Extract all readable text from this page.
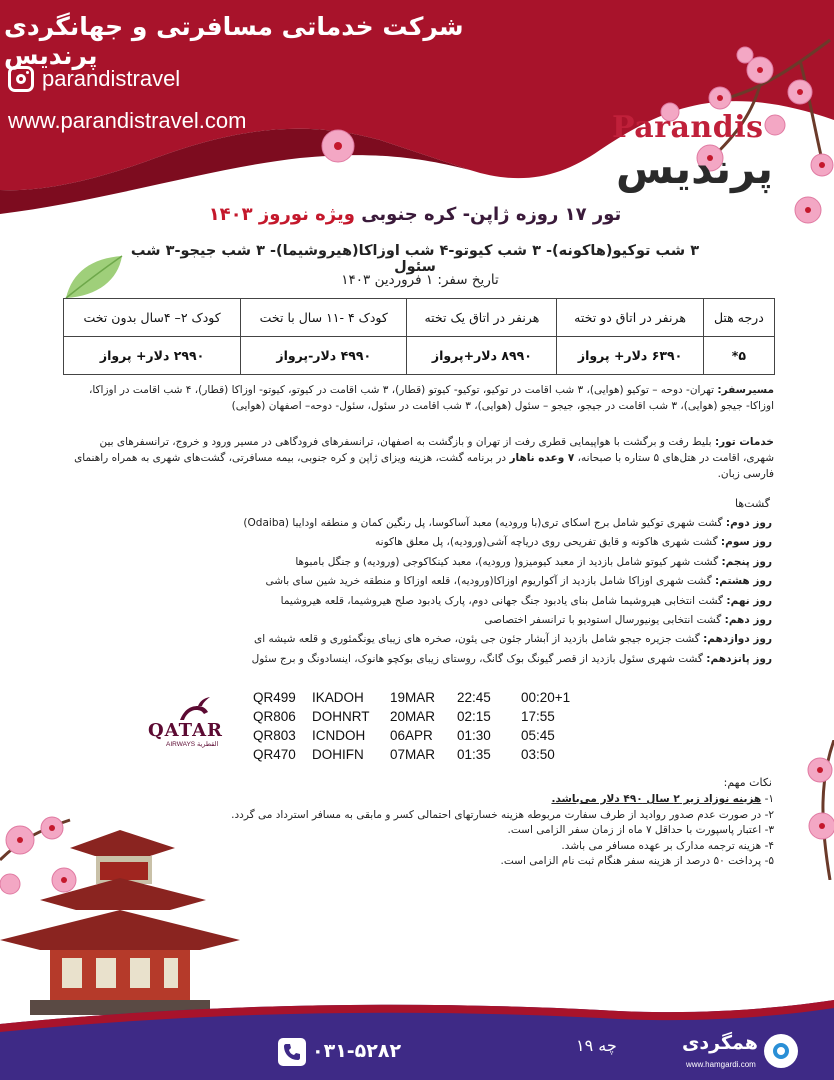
شرکت خدماتی مسافرتی و جهانگردی پرندیس
parandistravel
www.parandistravel.com	Parandis
پرندیس
تور ۱۷ روزه ژاپن- کره جنوبی ویژه نوروز ۱۴۰۳
۳ شب توکیو(هاکونه)- ۳ شب کیوتو-۴ شب اوزاکا(هیروشیما)- ۳ شب جیجو-۳ شب سئول
تاریخ سفر: ۱ فروردین ۱۴۰۳
درجه هتل	هرنفر در اتاق دو تخته	هرنفر در اتاق یک تخته	کودک ۴ -۱۱ سال با تخت	کودک ۲– ۴سال بدون تخت
۵*	۶۳۹۰ دلار+ پرواز	۸۹۹۰ دلار+پرواز	۴۹۹۰ دلار-پرواز	۲۹۹۰ دلار+ پرواز

مسیرسفر: تهران- دوحه – توکیو (هوایی)، ۳ شب اقامت در توکیو، توکیو- کیوتو (قطار)، ۳ شب اقامت در کیوتو، کیوتو- اوزاکا (قطار)، ۴ شب اقامت در اوزاکا، اوزاکا- جیجو (هوایی)، ۳ شب اقامت در جیجو، جیجو – سئول (هوایی)، ۳ شب اقامت در سئول، سئول- دوحه– اصفهان (هوایی)

خدمات تور: بلیط رفت و برگشت با هواپیمایی قطری رفت از تهران و بازگشت به اصفهان، ترانسفرهای فرودگاهی در مسیر ورود و خروج، ترانسفرهای بین شهری، اقامت در هتل‌های ۵ ستاره با صبحانه، ۷ وعده ناهار در برنامه گشت، هزینه ویزای ژاپن و کره جنوبی، بیمه مسافرتی، گشت‌های شهری به همراه راهنمای فارسی زبان.

گشت‌ها
روز دوم: گشت شهری توکیو شامل برج اسکای تری(با ورودیه) معبد آساکوسا، پل رنگین کمان و منطقه اودایبا (Odaiba)
روز سوم: گشت شهری هاکونه و قایق تفریحی روی دریاچه آشی(ورودیه)، پل معلق هاکونه
روز پنجم: گشت شهر کیوتو شامل بازدید از معبد کیومیزو( ورودیه)، معبد کینکاکوجی (ورودیه) و جنگل بامبوها
روز هشتم: گشت شهری اوزاکا شامل بازدید از آکواریوم اوزاکا(ورودیه)، قلعه اوزاکا و منطقه خرید شین سای باشی
روز نهم: گشت انتخابی هیروشیما شامل بنای یادبود جنگ جهانی دوم، پارک یادبود صلح هیروشیما، قلعه هیروشیما
روز دهم: گشت انتخابی یونیورسال استودیو با ترانسفر اختصاصی
روز دوازدهم: گشت جزیره جیجو شامل بازدید از آبشار جئون جی یئون، صخره های زیبای یونگمئوری و قلعه شیشه ای
روز پانزدهم: گشت شهری سئول بازدید از قصر گیونگ بوک گانگ، روستای زیبای بوکچو هانوک، اینسادونگ و برج سئول
QATAR
AIRWAYS القطرية
QR499	IKADOH	19MAR	22:45	00:20+1
QR806	DOHNRT	20MAR	02:15	17:55
QR803	ICNDOH	06APR	01:30	05:45
QR470	DOHIFN	07MAR	01:35	03:50
نکات مهم:
۱- هزینه نوزاد زیر ۲ سال ۴۹۰ دلار می‌باشد.
۲- در صورت عدم صدور روادید از طرف سفارت مربوطه هزینه خسارتهای احتمالی کسر و مابقی به مسافر استرداد می گردد.
۳- اعتبار پاسپورت با حداقل ۷ ماه از زمان سفر الزامی است.
۴- هزینه ترجمه مدارک بر عهده مسافر می باشد.
۵- پرداخت ۵۰ درصد از هزینه سفر هنگام ثبت نام الزامی است.
۰۳۱-۵۲۸۲	چه ۱۹	همگردی
www.hamgardi.com
